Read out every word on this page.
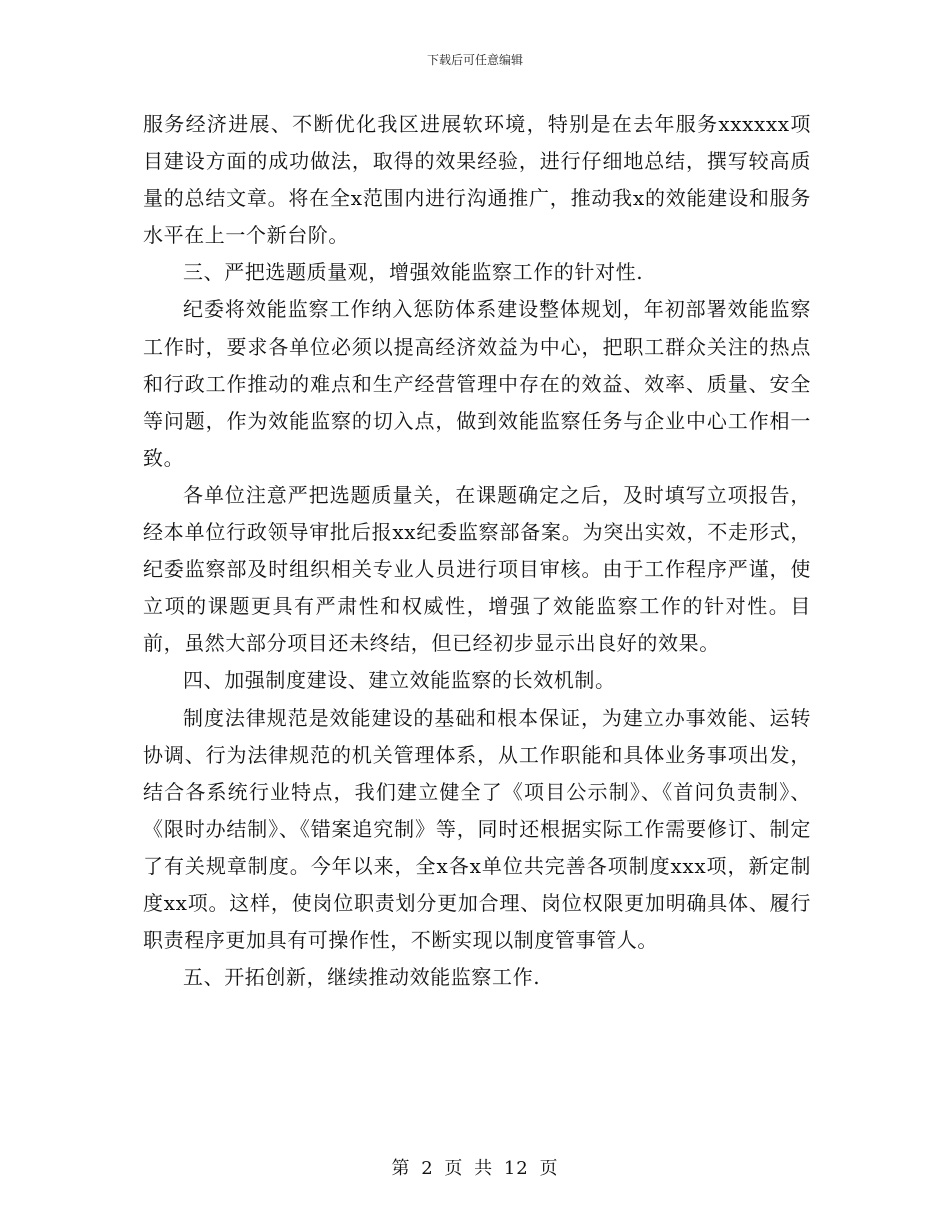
下载后可任意编辑

服务经济进展、不断优化我区进展软环境，特别是在去年服务xxxxxx项目建设方面的成功做法，取得的效果经验，进行仔细地总结，撰写较高质量的总结文章。将在全x范围内进行沟通推广，推动我x的效能建设和服务水平在上一个新台阶。

三、严把选题质量观，增强效能监察工作的针对性.

纪委将效能监察工作纳入惩防体系建设整体规划，年初部署效能监察工作时，要求各单位必须以提高经济效益为中心，把职工群众关注的热点和行政工作推动的难点和生产经营管理中存在的效益、效率、质量、安全等问题，作为效能监察的切入点，做到效能监察任务与企业中心工作相一致。

各单位注意严把选题质量关，在课题确定之后，及时填写立项报告，经本单位行政领导审批后报xx纪委监察部备案。为突出实效，不走形式，纪委监察部及时组织相关专业人员进行项目审核。由于工作程序严谨，使立项的课题更具有严肃性和权威性，增强了效能监察工作的针对性。目前，虽然大部分项目还未终结，但已经初步显示出良好的效果。

四、加强制度建设、建立效能监察的长效机制。

制度法律规范是效能建设的基础和根本保证，为建立办事效能、运转协调、行为法律规范的机关管理体系，从工作职能和具体业务事项出发，结合各系统行业特点，我们建立健全了《项目公示制》、《首问负责制》、《限时办结制》、《错案追究制》等，同时还根据实际工作需要修订、制定了有关规章制度。今年以来，全x各x单位共完善各项制度xxx项，新定制度xx项。这样，使岗位职责划分更加合理、岗位权限更加明确具体、履行职责程序更加具有可操作性，不断实现以制度管事管人。

五、开拓创新，继续推动效能监察工作.

第 2 页 共 12 页
